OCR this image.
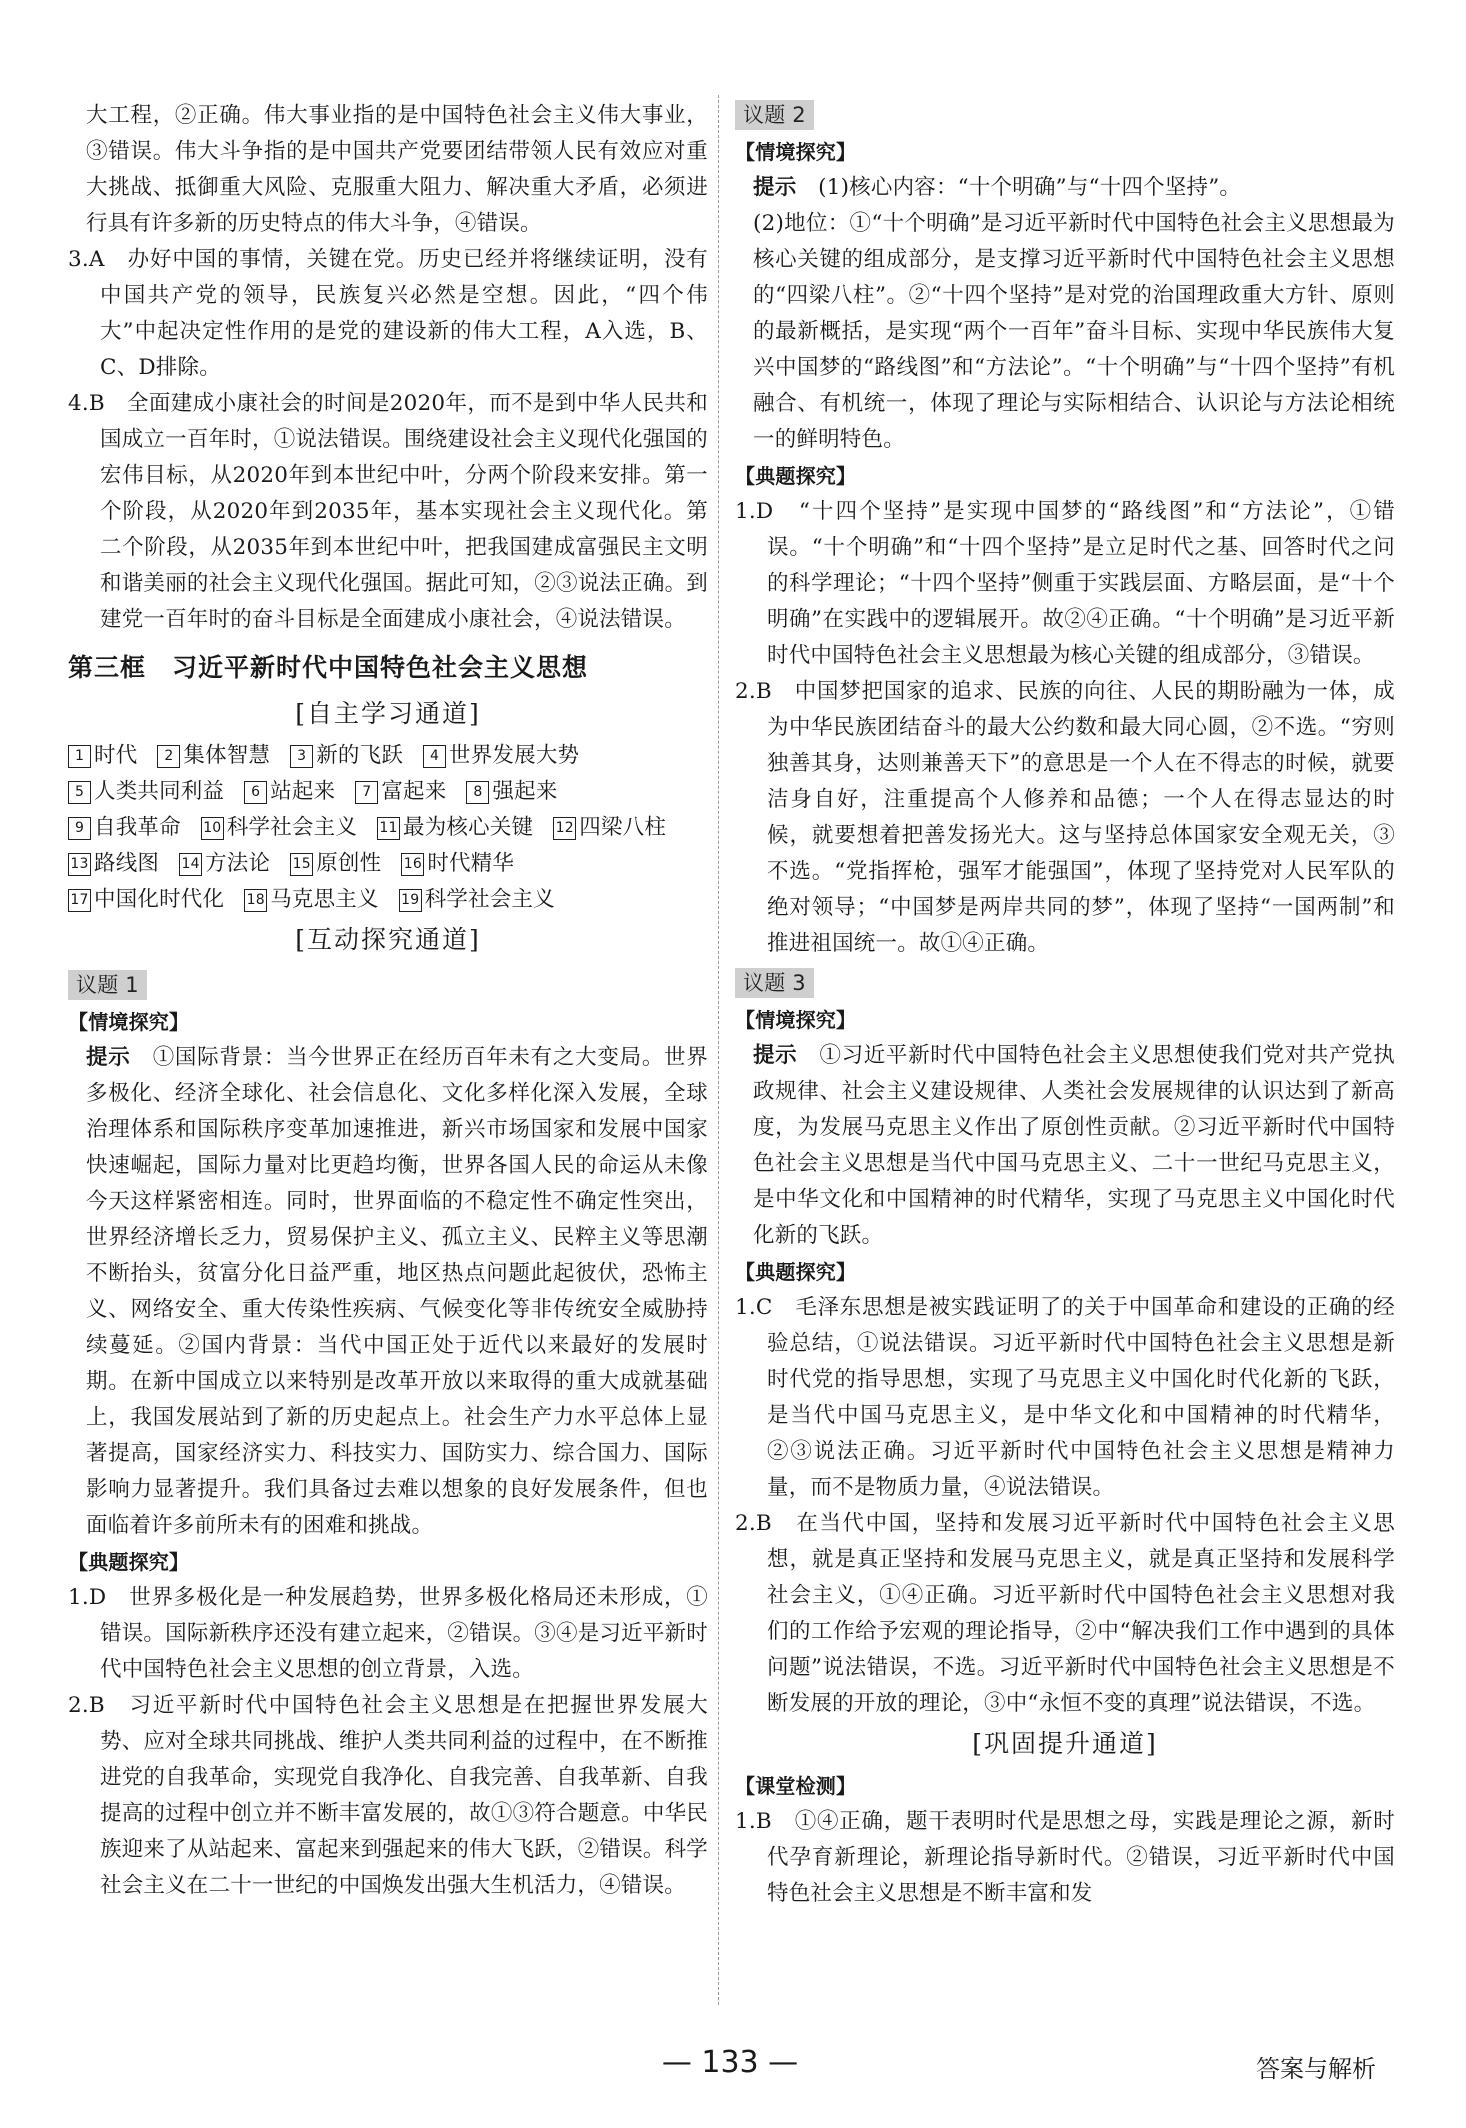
大工程，②正确。伟大事业指的是中国特色社会主义伟大事业，③错误。伟大斗争指的是中国共产党要团结带领人民有效应对重大挑战、抵御重大风险、克服重大阻力、解决重大矛盾，必须进行具有许多新的历史特点的伟大斗争，④错误。

3.A　办好中国的事情，关键在党。历史已经并将继续证明，没有中国共产党的领导，民族复兴必然是空想。因此，“四个伟大”中起决定性作用的是党的建设新的伟大工程，A入选，B、C、D排除。

4.B　全面建成小康社会的时间是2020年，而不是到中华人民共和国成立一百年时，①说法错误。围绕建设社会主义现代化强国的宏伟目标，从2020年到本世纪中叶，分两个阶段来安排。第一个阶段，从2020年到2035年，基本实现社会主义现代化。第二个阶段，从2035年到本世纪中叶，把我国建成富强民主文明和谐美丽的社会主义现代化强国。据此可知，②③说法正确。到建党一百年时的奋斗目标是全面建成小康社会，④说法错误。

第三框　习近平新时代中国特色社会主义思想
[自主学习通道]
1 时代	2 集体智慧	3 新的飞跃	4 世界发展大势
5 人类共同利益	6 站起来	7 富起来	8 强起来
9 自我革命 10 科学社会主义 11 最为核心关键 12 四梁八柱
13 路线图 14 方法论 15 原创性 16 时代精华
17 中国化时代化 18 马克思主义 19 科学社会主义
[互动探究通道]
议题 1
【情境探究】

提示　 ①国际背景：当今世界正在经历百年未有之大变局。世界多极化、经济全球化、社会信息化、文化多样化深入发展，全球治理体系和国际秩序变革加速推进，新兴市场国家和发展中国家快速崛起，国际力量对比更趋均衡，世界各国人民的命运从未像今天这样紧密相连。同时，世界面临的不稳定性不确定性突出，世界经济增长乏力，贸易保护主义、孤立主义、民粹主义等思潮不断抬头，贫富分化日益严重，地区热点问题此起彼伏，恐怖主义、网络安全、重大传染性疾病、气候变化等非传统安全威胁持续蔓延。②国内背景：当代中国正处于近代以来最好的发展时期。在新中国成立以来特别是改革开放以来取得的重大成就基础上，我国发展站到了新的历史起点上。社会生产力水平总体上显著提高，国家经济实力、科技实力、国防实力、综合国力、国际影响力显著提升。我们具备过去难以想象的良好发展条件，但也面临着许多前所未有的困难和挑战。

【典题探究】

1.D　世界多极化是一种发展趋势，世界多极化格局还未形成，①错误。国际新秩序还没有建立起来，②错误。③④是习近平新时代中国特色社会主义思想的创立背景，入选。

2.B　习近平新时代中国特色社会主义思想是在把握世界发展大势、应对全球共同挑战、维护人类共同利益的过程中，在不断推进党的自我革命，实现党自我净化、自我完善、自我革新、自我提高的过程中创立并不断丰富发展的，故①③符合题意。中华民族迎来了从站起来、富起来到强起来的伟大飞跃，②错误。科学社会主义在二十一世纪的中国焕发出强大生机活力，④错误。

议题 2
【情境探究】

提示　 (1)核心内容：“十个明确”与“十四个坚持”。

(2)地位：①“十个明确”是习近平新时代中国特色社会主义思想最为核心关键的组成部分，是支撑习近平新时代中国特色社会主义思想的“四梁八柱”。②“十四个坚持”是对党的治国理政重大方针、原则的最新概括，是实现“两个一百年”奋斗目标、实现中华民族伟大复兴中国梦的“路线图”和“方法论”。“十个明确”与“十四个坚持”有机融合、有机统一，体现了理论与实际相结合、认识论与方法论相统一的鲜明特色。

【典题探究】

1.D　“十四个坚持”是实现中国梦的“路线图”和“方法论”，①错误。“十个明确”和“十四个坚持”是立足时代之基、回答时代之问的科学理论；“十四个坚持”侧重于实践层面、方略层面，是“十个明确”在实践中的逻辑展开。故②④正确。“十个明确”是习近平新时代中国特色社会主义思想最为核心关键的组成部分，③错误。

2.B　中国梦把国家的追求、民族的向往、人民的期盼融为一体，成为中华民族团结奋斗的最大公约数和最大同心圆，②不选。“穷则独善其身，达则兼善天下”的意思是一个人在不得志的时候，就要洁身自好，注重提高个人修养和品德；一个人在得志显达的时候，就要想着把善发扬光大。这与坚持总体国家安全观无关，③不选。“党指挥枪，强军才能强国”，体现了坚持党对人民军队的绝对领导；“中国梦是两岸共同的梦”，体现了坚持“一国两制”和推进祖国统一。故①④正确。

议题 3
【情境探究】

提示　 ①习近平新时代中国特色社会主义思想使我们党对共产党执政规律、社会主义建设规律、人类社会发展规律的认识达到了新高度，为发展马克思主义作出了原创性贡献。②习近平新时代中国特色社会主义思想是当代中国马克思主义、二十一世纪马克思主义，是中华文化和中国精神的时代精华，实现了马克思主义中国化时代化新的飞跃。

【典题探究】

1.C　毛泽东思想是被实践证明了的关于中国革命和建设的正确的经验总结，①说法错误。习近平新时代中国特色社会主义思想是新时代党的指导思想，实现了马克思主义中国化时代化新的飞跃，是当代中国马克思主义，是中华文化和中国精神的时代精华，②③说法正确。习近平新时代中国特色社会主义思想是精神力量，而不是物质力量，④说法错误。

2.B　在当代中国，坚持和发展习近平新时代中国特色社会主义思想，就是真正坚持和发展马克思主义，就是真正坚持和发展科学社会主义，①④正确。习近平新时代中国特色社会主义思想对我们的工作给予宏观的理论指导，②中“解决我们工作中遇到的具体问题”说法错误，不选。习近平新时代中国特色社会主义思想是不断发展的开放的理论，③中“永恒不变的真理”说法错误，不选。

[巩固提升通道]
【课堂检测】

1.B　①④正确，题干表明时代是思想之母，实践是理论之源，新时代孕育新理论，新理论指导新时代。②错误，习近平新时代中国特色社会主义思想是不断丰富和发

— 133 —	答案与解析
